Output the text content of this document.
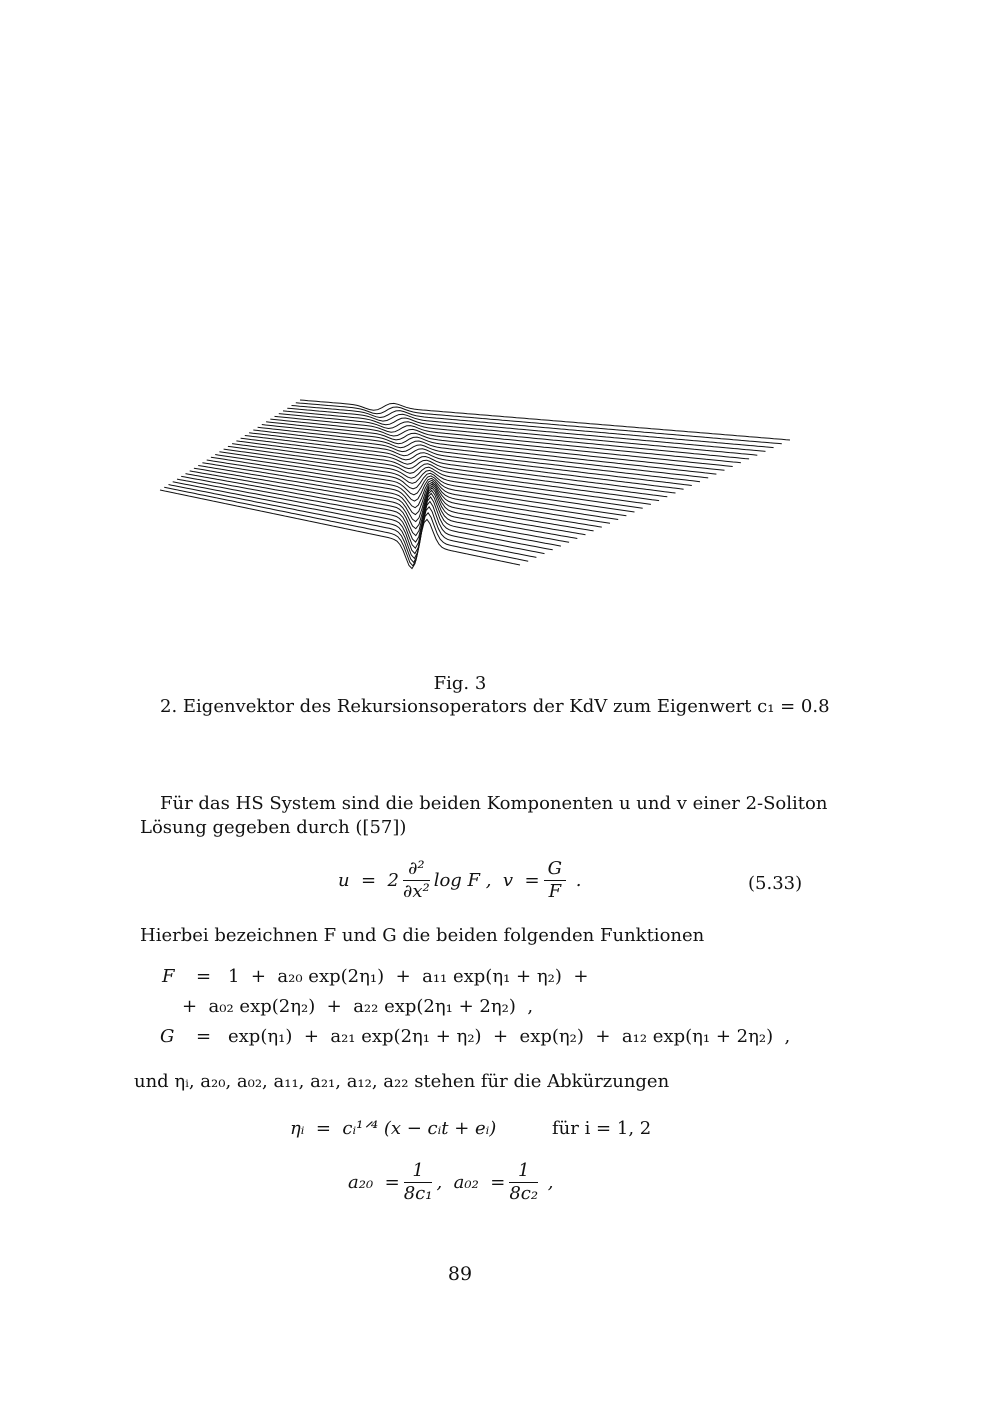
Fig. 3
2. Eigenvektor des Rekursionsoperators der KdV zum Eigenwert c₁ = 0.8
Für das HS System sind die beiden Komponenten u und v einer 2-Soliton
Lösung gegeben durch ([57])
$u = 2 \frac{\text{∂²}}{\text{∂x²}}$ log F ,  $v = \frac{G}{F}$ .	(5.33)
Hierbei bezeichnen F und G die beiden folgenden Funktionen
F = 1  +  a₂₀ exp(2η₁)  +  a₁₁ exp(η₁ + η₂)  +
+  a₀₂ exp(2η₂)  +  a₂₂ exp(2η₁ + 2η₂)  ,
G = exp(η₁)  +  a₂₁ exp(2η₁ + η₂)  +  exp(η₂)  +  a₁₂ exp(η₁ + 2η₂)  ,
und ηᵢ, a₂₀, a₀₂, a₁₁, a₂₁, a₁₂, a₂₂ stehen für die Abkürzungen
ηᵢ  =  cᵢ¹ᐟ⁴ (x − cᵢt + eᵢ)	für i = 1, 2
$a_{20} = \frac{1}{\text{8c₁}}$ ,  $a_{02} = \frac{1}{\text{8c₂}}$ ,
89
